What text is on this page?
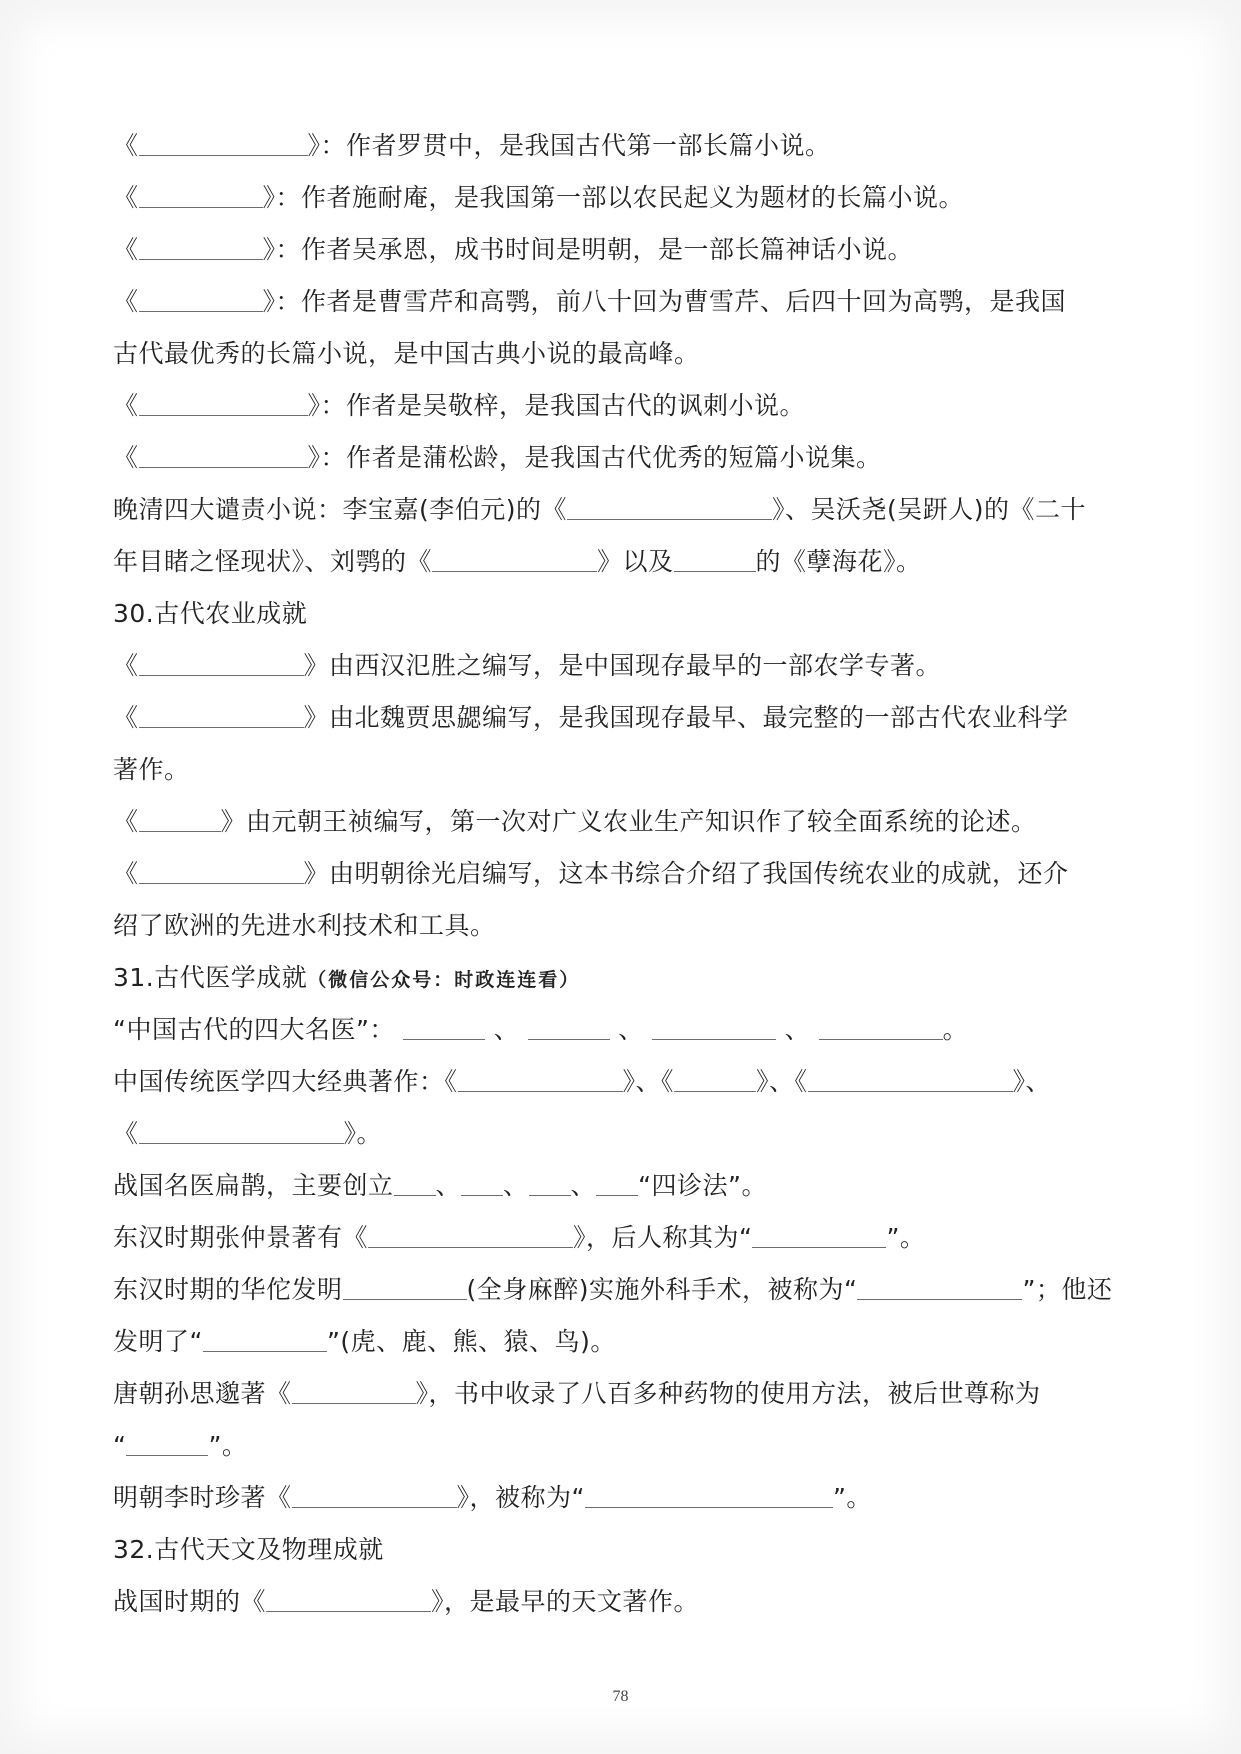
《	》：作者罗贯中，是我国古代第一部长篇小说。
《	》：作者施耐庵，是我国第一部以农民起义为题材的长篇小说。
《	》：作者吴承恩，成书时间是明朝，是一部长篇神话小说。
《	》：作者是曹雪芹和高鹗，前八十回为曹雪芹、后四十回为高鹗，是我国
古代最优秀的长篇小说，是中国古典小说的最高峰。
《	》：作者是吴敬梓，是我国古代的讽刺小说。
《	》：作者是蒲松龄，是我国古代优秀的短篇小说集。
晚清四大谴责小说：李宝嘉(李伯元)的《	》、吴沃尧(吴趼人)的《二十
年目睹之怪现状》、刘鹗的《	》以及	的《孽海花》。
30.古代农业成就
《	》由西汉氾胜之编写，是中国现存最早的一部农学专著。
《	》由北魏贾思勰编写，是我国现存最早、最完整的一部古代农业科学
著作。
《	》由元朝王祯编写，第一次对广义农业生产知识作了较全面系统的论述。
《	》由明朝徐光启编写，这本书综合介绍了我国传统农业的成就，还介
绍了欧洲的先进水利技术和工具。
31.古代医学成就（微信公众号：时政连连看）
“中国古代的四大名医”：	、	、	、	。
中国传统医学四大经典著作：《	》、《	》、《	》、
《	》。
战国名医扁鹊，主要创立 、 、 、 “四诊法”。
东汉时期张仲景著有《	》，后人称其为“	”。
东汉时期的华佗发明	(全身麻醉)实施外科手术，被称为“	”；他还
发明了“	”(虎、鹿、熊、猿、鸟)。
唐朝孙思邈著《	》，书中收录了八百多种药物的使用方法，被后世尊称为
“	”。
明朝李时珍著《	》，被称为“	”。
32.古代天文及物理成就
战国时期的《	》，是最早的天文著作。
78
